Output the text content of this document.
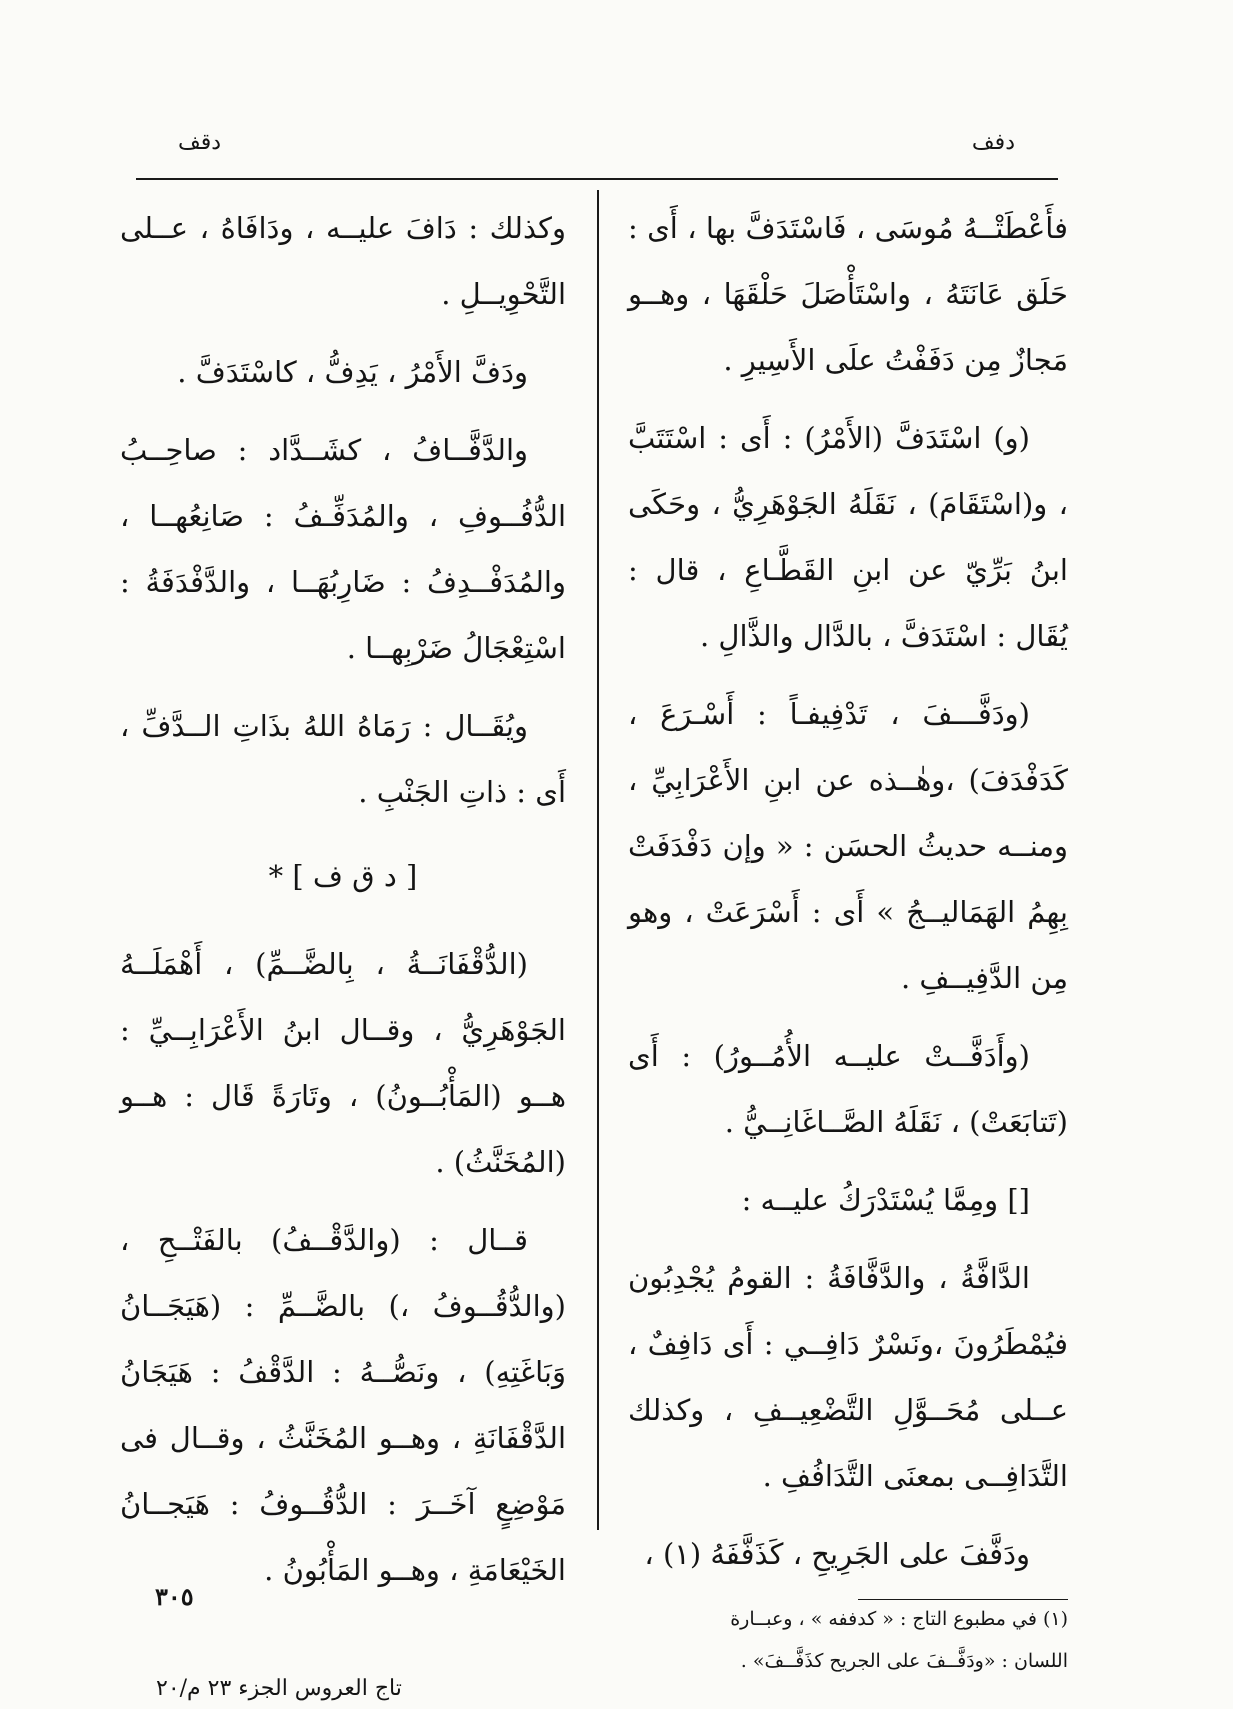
دفف
دقف

فأَعْطَتْــهُ مُوسَى ، فَاسْتَدَفَّ بها ، أَى : حَلَق عَانَتَهُ ، واسْتَأْصَلَ حَلْقَهَا ، وهــو مَجازٌ مِن دَفَفْتُ علَى الأَسِيرِ .

(و) اسْتَدَفَّ (الأَمْرُ) : أَى : اسْتَتَبَّ ، و(اسْتَقَامَ) ، نَقَلَهُ الجَوْهَرِيُّ ، وحَكَى ابنُ بَرِّيّ عن ابنِ القَطَّـاعِ ، قال : يُقَال : اسْتَدَفَّ ، بالدَّال والذَّالِ .

(ودَفَّـــفَ ، تَدْفِيفـاً : أَسْـرَعَ ، كَدَفْدَفَ) ،وهٰــذه عن ابنِ الأَعْرَابِيِّ ، ومنــه حديثُ الحسَن : « وإن دَفْدَفَتْ بِهِمُ الهَمَاليــجُ » أَى : أَسْرَعَتْ ، وهو مِن الدَّفِيــفِ .

(وأَدَفَّــتْ عليــه الأُمُــورُ) : أَى (تَتابَعَتْ) ، نَقَلَهُ الصَّــاغَانِــيُّ .

[] ومِمَّا يُسْتَدْرَكُ عليــه :

الدَّافَّةُ ، والدَّفَّافَةُ : القومُ يُجْدِبُون فيُمْطَرُونَ ،ونَسْرٌ دَافِــي : أَى دَافِفٌ ، عــلى مُحَــوَّلِ التَّضْعِيــفِ ، وكذلك التَّدَافِــى بمعنَى التَّدَافُفِ .

ودَفَّفَ على الجَرِيحِ ، كَذَفَّفَهُ (١) ،

(١) في مطبوع التاج : « كدففه » ، وعبــارة

اللسان : «ودَفَّــفَ على الجريح كذَفَّــفَ» .

وكذلك : دَافَ عليــه ، ودَافَاهُ ، عــلى التَّحْوِيــلِ .

ودَفَّ الأَمْرُ ، يَدِفُّ ، كاسْتَدَفَّ .

والدَّفَّــافُ ، كشَــدَّاد : صاحِــبُ الدُّفُــوفِ ، والمُدَفِّـفُ : صَانِعُهــا ، والمُدَفْــدِفُ : ضَارِبُهَــا ، والدَّفْدَفَةُ : اسْتِعْجَالُ ضَرْبِهــا .

ويُقَــال : رَمَاهُ اللهُ بذَاتِ الــدَّفِّ ، أَى : ذاتِ الجَنْبِ .

[ د ق ف ] *

(الدُّقْفَانَــةُ ، بِالضَّــمِّ) ، أَهْمَلَــهُ الجَوْهَرِيُّ ، وقــال ابنُ الأَعْرَابِــيِّ : هــو (المَأْبُــونُ) ، وتَارَةً قَال : هــو (المُخَنَّثُ) .

قــال : (والدَّقْــفُ) بالفَتْــحِ ، (والدُّقُــوفُ ،) بالضَّــمِّ : (هَيَجَــانُ وَبَاغَتِهِ) ، ونَصُّــهُ : الدَّقْفُ : هَيَجَانُ الدَّقْفَانَةِ ، وهــو المُخَنَّثُ ، وقــال فى مَوْضِعٍ آخَــرَ : الدُّقُــوفُ : هَيَجــانُ الخَيْعَامَةِ ، وهــو المَأْبُونُ .

٣٠٥
تاج العروس الجزء ٢٣ م/٢٠
